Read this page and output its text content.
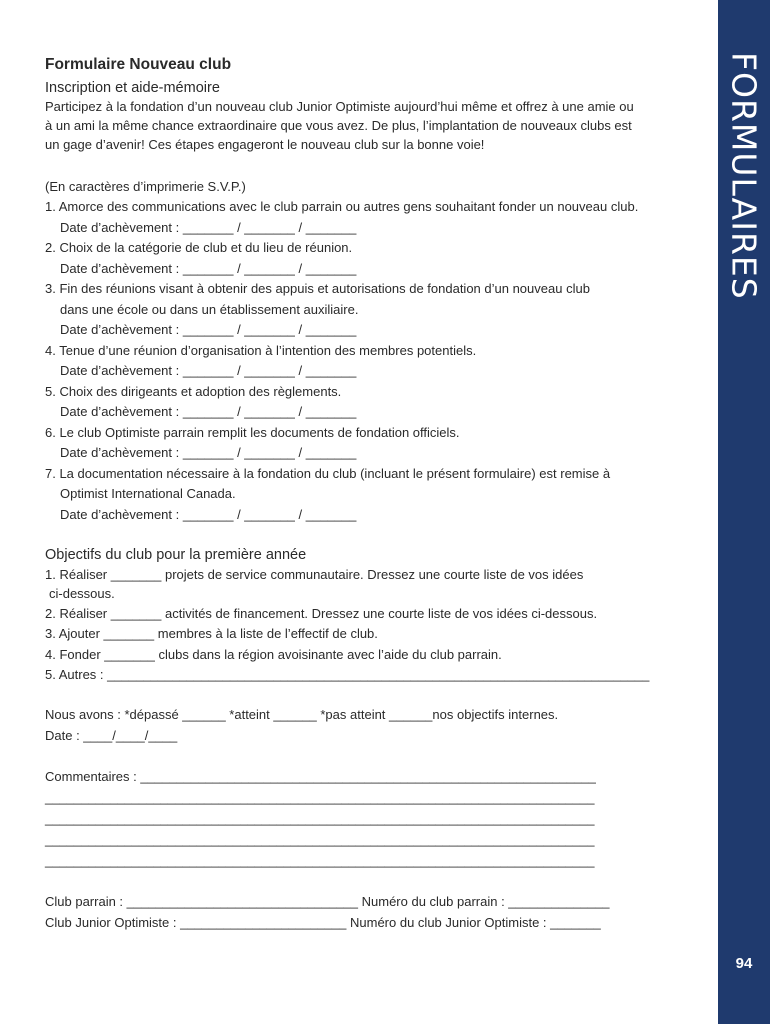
FORMULAIRES
94
Formulaire Nouveau club
Inscription et aide-mémoire
Participez à la fondation d’un nouveau club Junior Optimiste aujourd’hui même et offrez à une amie ou
à un ami la même chance extraordinaire que vous avez. De plus, l’implantation de nouveaux clubs est
un gage d’avenir! Ces étapes engageront le nouveau club sur la bonne voie!
(En caractères d’imprimerie S.V.P.)
1. Amorce des communications avec le club parrain ou autres gens souhaitant fonder un nouveau club.
Date d’achèvement : _______ / _______ / _______
2. Choix de la catégorie de club et du lieu de réunion.
Date d’achèvement : _______ / _______ / _______
3. Fin des réunions visant à obtenir des appuis et autorisations de fondation d’un nouveau club
dans une école ou dans un établissement auxiliaire.
Date d’achèvement : _______ / _______ / _______
4. Tenue d’une réunion d’organisation à l’intention des membres potentiels.
Date d’achèvement : _______ / _______ / _______
5. Choix des dirigeants et adoption des règlements.
Date d’achèvement : _______ / _______ / _______
6. Le club Optimiste parrain remplit les documents de fondation officiels.
Date d’achèvement : _______ / _______ / _______
7. La documentation nécessaire à la fondation du club (incluant le présent formulaire) est remise à
Optimist International Canada.
Date d’achèvement : _______ / _______ / _______
Objectifs du club pour la première année
1. Réaliser _______ projets de service communautaire. Dressez une courte liste de vos idées
ci-dessous.
2. Réaliser _______ activités de financement. Dressez une courte liste de vos idées ci-dessous.
3. Ajouter _______ membres à la liste de l’effectif de club.
4. Fonder _______ clubs dans la région avoisinante avec l’aide du club parrain.
5. Autres : ___________________________________________________________________________
Nous avons : *dépassé ______ *atteint ______ *pas atteint ______nos objectifs internes.
Date : ____/____/____
Commentaires : _______________________________________________________________
____________________________________________________________________________
____________________________________________________________________________
____________________________________________________________________________
____________________________________________________________________________
Club parrain : ________________________________ Numéro du club parrain : ______________
Club Junior Optimiste : _______________________ Numéro du club Junior Optimiste : _______
